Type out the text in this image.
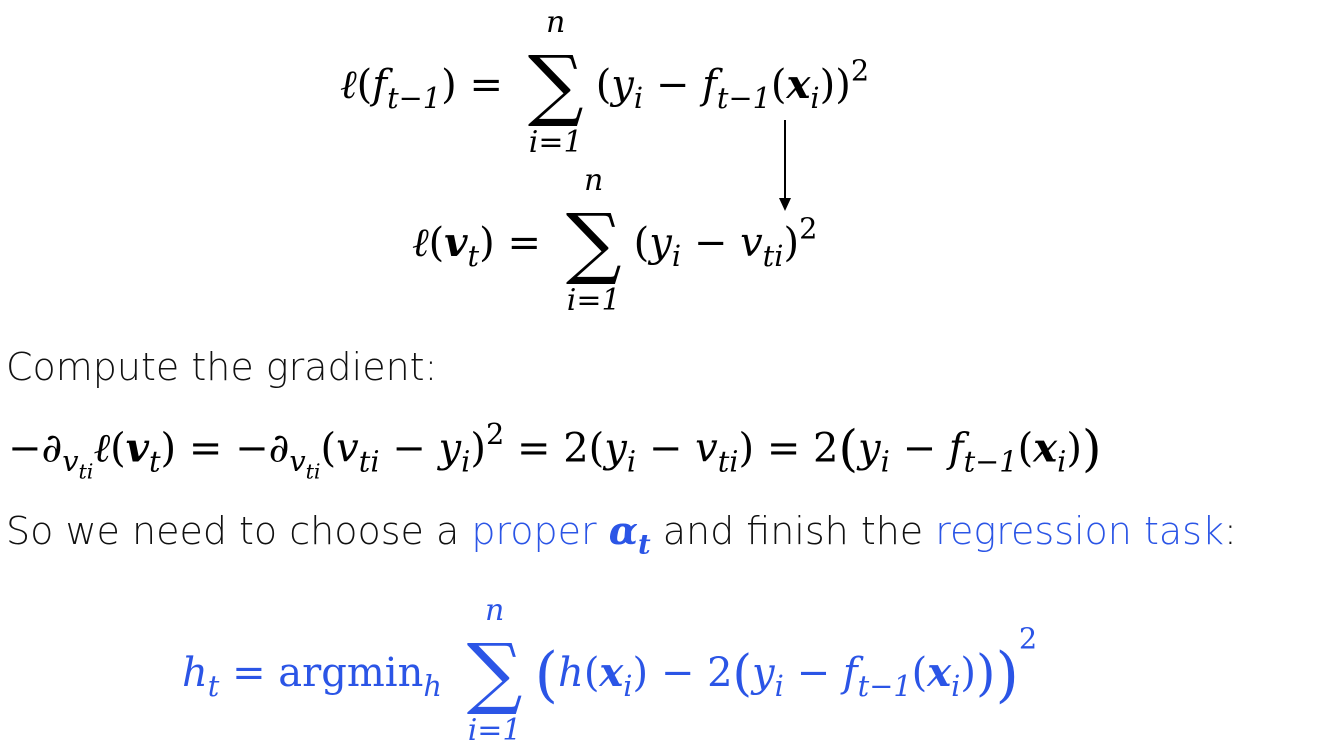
$\ell(f_{t-1})$ =
n
∑
i=1
$(y_i - f_{t-1}(x_i))^2$
$\ell(v_t)$ =
n
∑
i=1
$(y_i - v_{ti})^2$
Compute the gradient:
$-\partial_{v_{ti}}\ell(v_t) = -\partial_{v_{ti}}(v_{ti} - y_i)^2 = 2(y_i - v_{ti}) = 2(y_i - f_{t-1}(x_i))$
So we need to choose a proper $\alpha_t$ and finish the regression task:
$h_t = argmin_h$
n
∑
i=1
$(h(x_i) - 2(y_i - f_{t-1}(x_i)))^2$
